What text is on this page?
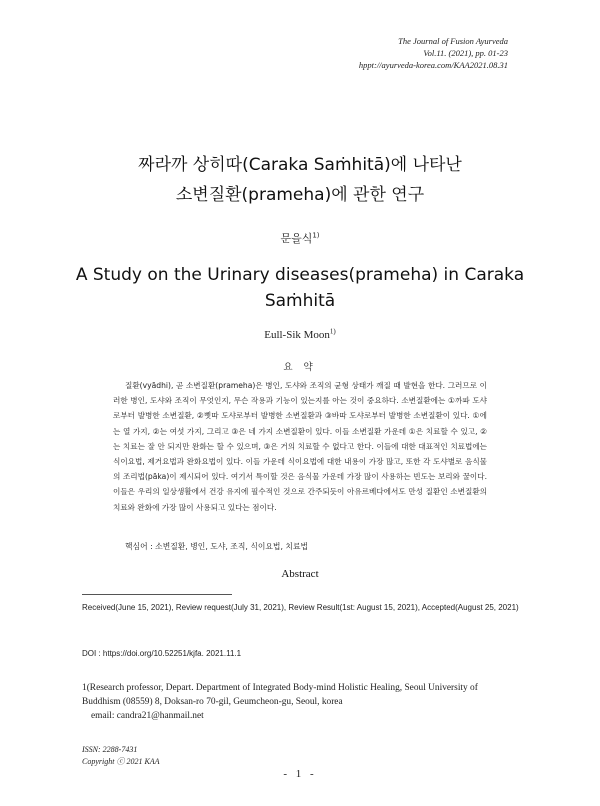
The Journal of Fusion Ayurveda
Vol.11. (2021), pp. 01-23
hppt://ayurveda-korea.com/KAA2021.08.31
짜라까 상히따(Caraka Saṁhitā)에 나타난
소변질환(prameha)에 관한 연구
문을식$^{1)}$
A Study on the Urinary diseases(prameha) in Caraka
Saṁhitā
Eull-Sik Moon$^{1)}$
요 약

질환(vyādhi), 곧 소변질환(prameha)은 병인, 도샤와 조직의 균형 상태가 깨질 때 발현을 한다. 그러므로 이러한 병인, 도샤와 조직이 무엇인지, 무슨 작용과 기능이 있는지를 아는 것이 중요하다. 소변질환에는 ①까파 도샤로부터 발병한 소변질환, ②삣따 도샤로부터 발병한 소변질환과 ③바따 도샤로부터 발병한 소변질환이 있다. ①에는 열 가지, ②는 여섯 가지, 그리고 ③은 네 가지 소변질환이 있다. 이들 소변질환 가운데 ①은 치료할 수 있고, ②는 치료는 잘 안 되지만 완화는 할 수 있으며, ③은 거의 치료할 수 없다고 한다. 이들에 대한 대표적인 치료법에는 식이요법, 제거요법과 완화요법이 있다. 이들 가운데 식이요법에 대한 내용이 가장 많고, 또한 각 도샤별로 음식물의 조리법(pāka)이 제시되어 있다. 여기서 특이할 것은 음식물 가운데 가장 많이 사용하는 빈도는 보리와 꿀이다. 이들은 우리의 일상생활에서 건강 유지에 필수적인 것으로 간주되듯이 아유르베다에서도 만성 질환인 소변질환의 치료와 완화에 가장 많이 사용되고 있다는 점이다.

핵심어 : 소변질환, 병인, 도샤, 조직, 식이요법, 치료법
Abstract

Received(June 15, 2021), Review request(July 31, 2021), Review Result(1st: August 15, 2021), Accepted(August 25, 2021)

DOI : https://doi.org/10.52251/kjfa. 2021.11.1
1(Research professor, Depart. Department of Integrated Body-mind Holistic Healing, Seoul University of Buddhism (08559) 8, Doksan-ro 70-gil, Geumcheon-gu, Seoul, korea
email: candra21@hanmail.net
ISSN: 2288-7431
Copyright ⓒ 2021 KAA
- 1 -
